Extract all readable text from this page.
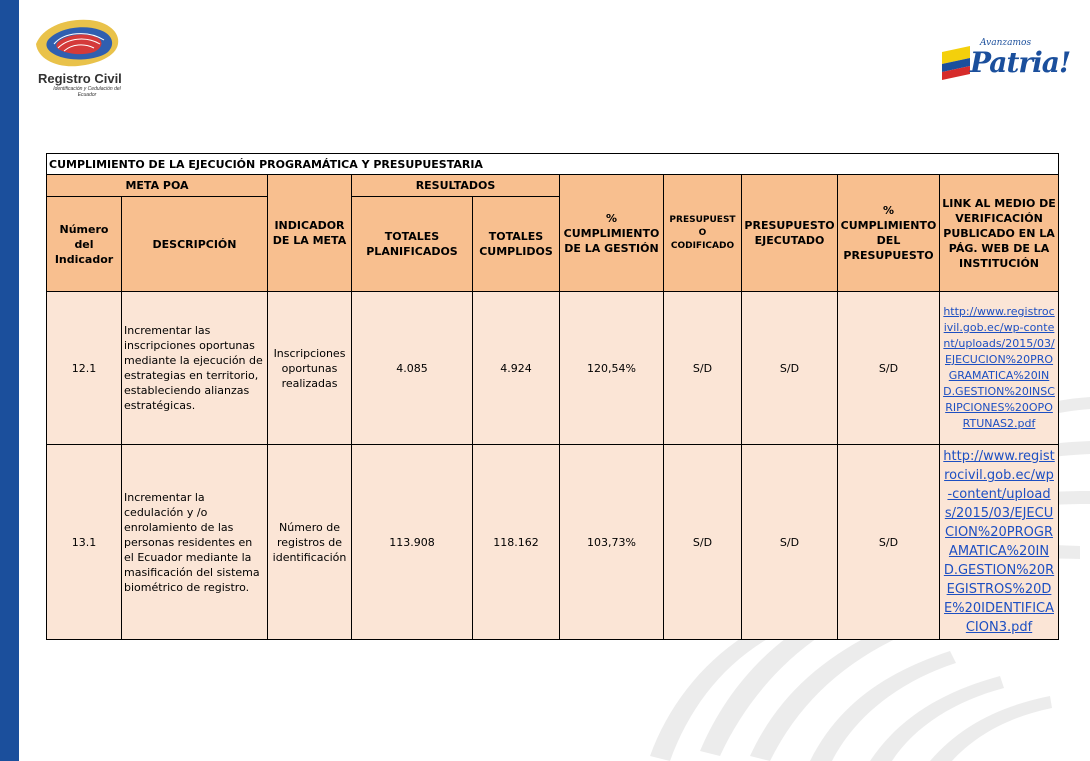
Registro Civil
Identificación y Cedulación del Ecuador
Avanzamos
Patria!
CUMPLIMIENTO DE LA EJECUCIÓN PROGRAMÁTICA Y PRESUPUESTARIA									
META POA		INDICADOR DE LA META	RESULTADOS		% CUMPLIMIENTO DE LA GESTIÓN	PRESUPUESTO CODIFICADO	PRESUPUESTO EJECUTADO	% CUMPLIMIENTO DEL PRESUPUESTO	LINK AL MEDIO DE VERIFICACIÓN PUBLICADO EN LA PÁG. WEB DE LA INSTITUCIÓN
Número del Indicador	DESCRIPCIÓN		TOTALES PLANIFICADOS	TOTALES CUMPLIDOS					
12.1	Incrementar las inscripciones oportunas mediante la ejecución de estrategias en territorio, estableciendo alianzas estratégicas.	Inscripciones oportunas realizadas	4.085	4.924	120,54%	S/D	S/D	S/D	http://www.registrocivil.gob.ec/wp-content/uploads/2015/03/EJECUCION%20PROGRAMATICA%20IND.GESTION%20INSCRIPCIONES%20OPORTUNAS2.pdf

13.1	Incrementar la cedulación y /o enrolamiento de las personas residentes en el Ecuador mediante la masificación del sistema biométrico de registro.	Número de registros de identificación	113.908	118.162	103,73%	S/D	S/D	S/D	http://www.registrocivil.gob.ec/wp-content/uploads/2015/03/EJECUCION%20PROGRAMATICA%20IND.GESTION%20REGISTROS%20DE%20IDENTIFICACION3.pdf
